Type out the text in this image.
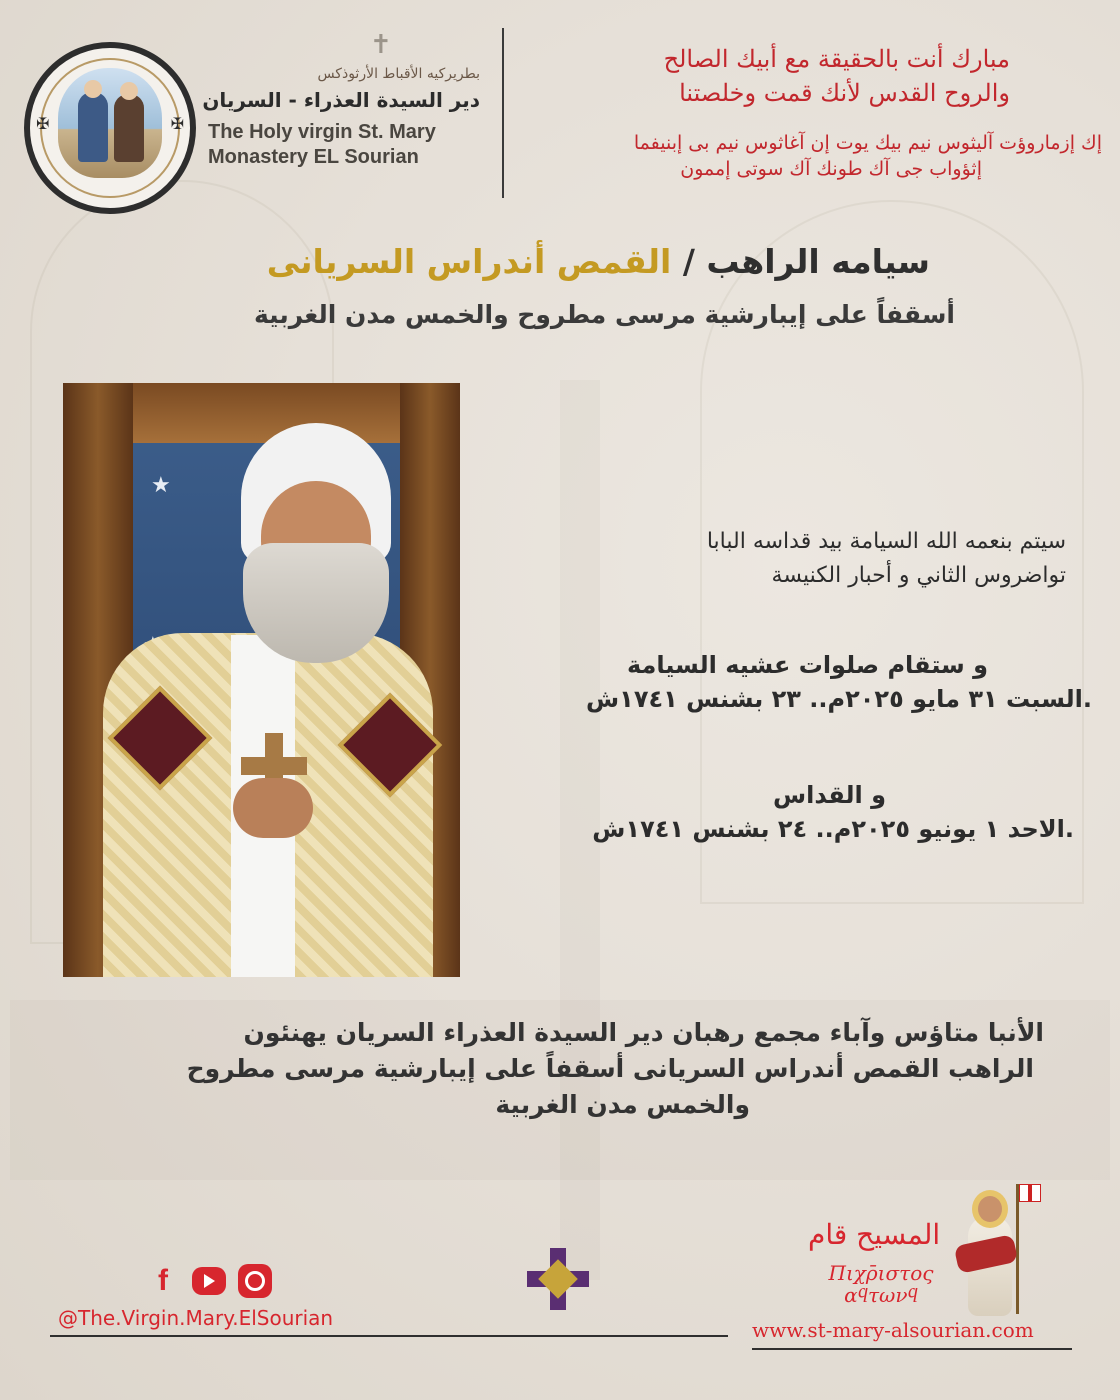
✠	✠
✝
بطريركيه الأقباط الأرثوذكس
دير السيدة العذراء - السريان
The Holy virgin St. Mary
Monastery EL Sourian
مبارك أنت بالحقيقة مع أبيك الصالح
والروح القدس لأنك قمت وخلصتنا
إك إزماروؤت آليثوس نيم بيك يوت إن آغاثوس نيم بى إبنيفما
إثؤواب جى آك طونك آك سوتى إممون
سيامه الراهب / القمص أندراس السريانى
أسقفاً على إيبارشية مرسى مطروح والخمس مدن الغربية
★
سيتم بنعمه الله السيامة بيد قداسه البابا
تواضروس الثاني و أحبار الكنيسة
و ستقام صلوات عشيه السيامة
السبت ٣١ مايو ٢٠٢٥م.. ٢٣ بشنس ١٧٤١ش.
و القداس
الاحد ١ يونيو ٢٠٢٥م.. ٢٤ بشنس ١٧٤١ش.
الأنبا متاؤس وآباء مجمع رهبان دير السيدة العذراء السريان يهنئون
الراهب القمص أندراس السريانى أسقفاً على إيبارشية مرسى مطروح
والخمس مدن الغربية
f
@The.Virgin.Mary.ElSourian
المسيح قام
Πιχρ̄ιστος
αϥτωνϥ
www.st-mary-alsourian.com
